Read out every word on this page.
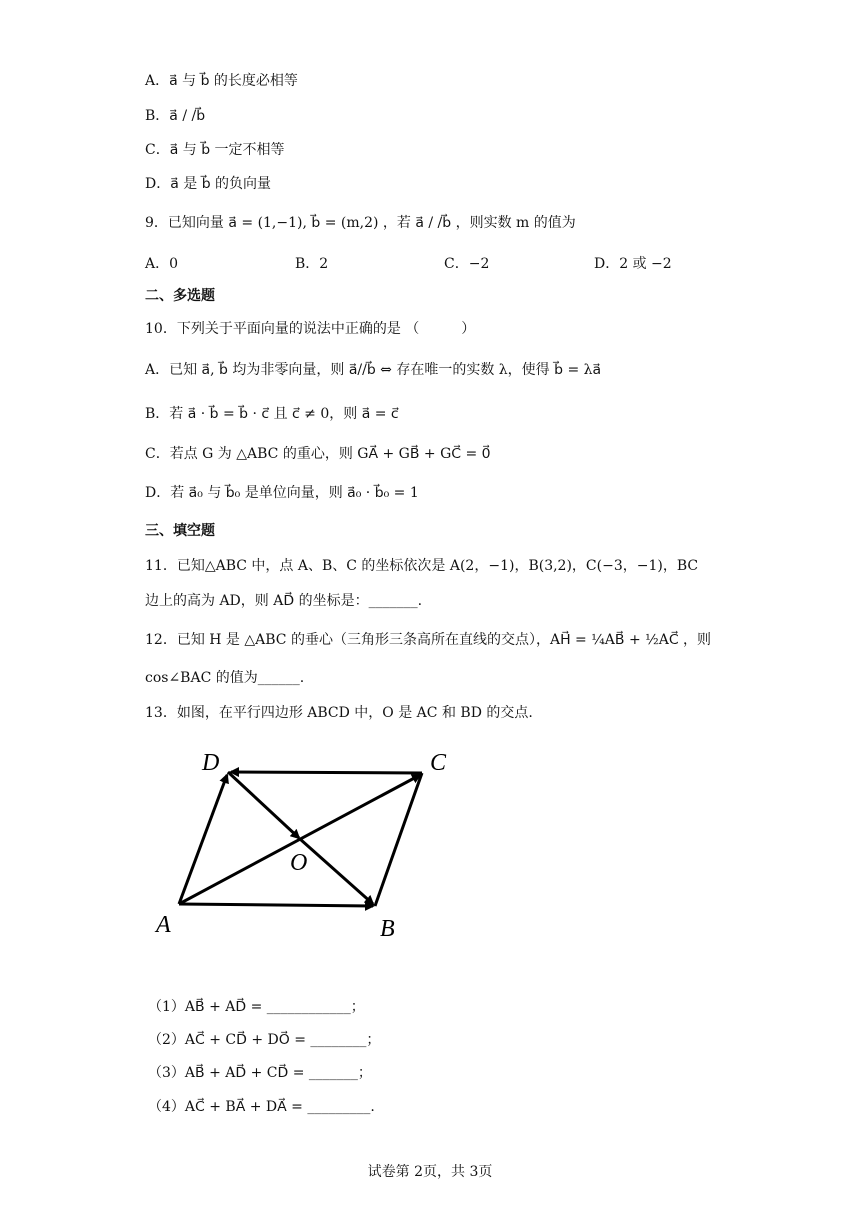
A．a⃗ 与 b⃗ 的长度必相等
B．a⃗ / /b⃗
C．a⃗ 与 b⃗ 一定不相等
D．a⃗ 是 b⃗ 的负向量
9．已知向量 a⃗ = (1,−1), b⃗ = (m,2) ，若 a⃗ / /b⃗ ，则实数 m 的值为
A．0	B．2	C．−2	D．2 或 −2
二、多选题
10．下列关于平面向量的说法中正确的是 （　　　）
A．已知 a⃗, b⃗ 均为非零向量，则 a⃗//b⃗ ⇔ 存在唯一的实数 λ，使得 b⃗ = λa⃗
B．若 a⃗ · b⃗ = b⃗ · c⃗ 且 c⃗ ≠ 0，则 a⃗ = c⃗
C．若点 G 为 △ABC 的重心，则 GA⃗ + GB⃗ + GC⃗ = 0⃗
D．若 a⃗₀ 与 b⃗₀ 是单位向量，则 a⃗₀ · b⃗₀ = 1
三、填空题
11．已知△ABC 中，点 A、B、C 的坐标依次是 A(2，−1)，B(3,2)，C(−3，−1)，BC
边上的高为 AD，则 AD⃗ 的坐标是：_______.
12．已知 H 是 △ABC 的垂心（三角形三条高所在直线的交点），AH⃗ = ¼AB⃗ + ½AC⃗ ，则
cos∠BAC 的值为______.
13．如图，在平行四边形 ABCD 中，O 是 AC 和 BD 的交点.
D	C
O
A	B
（1）AB⃗ + AD⃗ = ____________；
（2）AC⃗ + CD⃗ + DO⃗ = ________；
（3）AB⃗ + AD⃗ + CD⃗ = _______；
（4）AC⃗ + BA⃗ + DA⃗ = _________.
试卷第 2页，共 3页
